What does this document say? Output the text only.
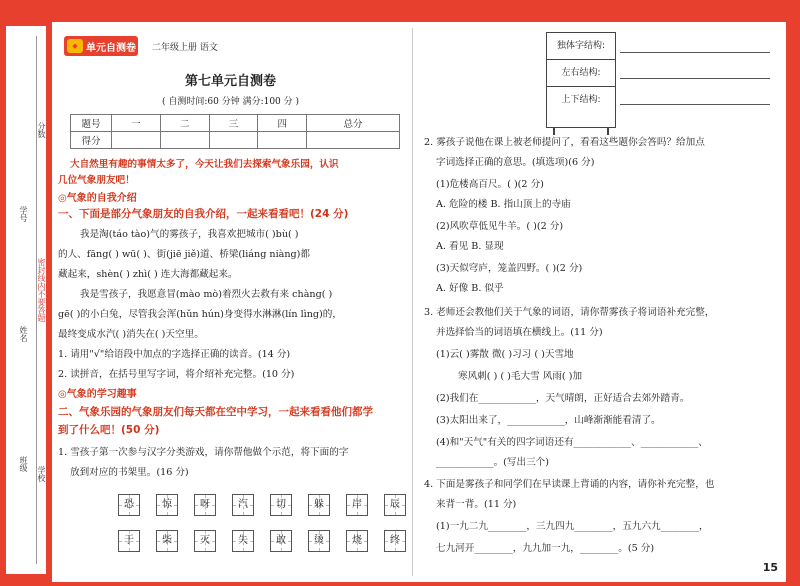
分数
学号
密封线内不要答题
姓名
班级
学校
◆ 单元自测卷 二年级上册 语文
第七单元自测卷
( 自测时间:60 分钟 满分:100 分 )
题号	一	二	三	四	总分
得分					
大自然里有趣的事情太多了，今天让我们去探索气象乐园，认识
几位气象朋友吧！
◎气象的自我介绍
一、下面是部分气象朋友的自我介绍，一起来看看吧！(24 分)
我是淘(táo tào)气的雾孩子，我喜欢把城市( )bù( )
的人、fāng( ) wū( )、街(jiē jiě)道、桥梁(liáng niàng)都
藏起来，shèn( ) zhì( ) 连大海都藏起来。
我是雪孩子，我愿意冒(mào mò)着烈火去救有来 chàng( )
gē( )的小白兔，尽管我会浑(hǔn hún)身变得水淋淋(lín lìng)的，
最终变成水汽( )消失在( )天空里。
1. 请用"√"给语段中加点的字选择正确的读音。(14 分)
2. 读拼音，在括号里写字词，将介绍补充完整。(10 分)
◎气象的学习趣事
二、气象乐园的气象朋友们每天都在空中学习，一起来看看他们都学
到了什么吧！(50 分)
1. 雪孩子第一次参与汉字分类游戏，请你帮他做个示范，将下面的字
放到对应的书架里。(16 分)
恐	惊	呀	汽	切	躲	岸	辰
于	柴	灭	失	敢	烫	烧	终
独体字结构:
左右结构:
上下结构:
2. 雾孩子说他在课上被老师提问了，看看这些题你会答吗？给加点
字词选择正确的意思。(填选项)(6 分)
(1)危楼高百尺。( )(2 分)
A. 危险的楼 B. 指山顶上的寺庙
(2)风吹草低见牛羊。( )(2 分)
A. 看见 B. 显现
(3)天似穹庐，笼盖四野。( )(2 分)
A. 好像 B. 似乎
3. 老师还会教他们关于气象的词语，请你帮雾孩子将词语补充完整，
并选择恰当的词语填在横线上。(11 分)
(1)云( )雾散 微( )习习 ( )天雪地
寒风刺( ) ( )毛大雪 风雨( )加
(2)我们在____________，天气晴朗，正好适合去郊外踏青。
(3)太阳出来了，____________，山峰渐渐能看清了。
(4)和"天气"有关的四字词语还有____________、____________、
____________。(写出三个)
4. 下面是雾孩子和同学们在早读课上背诵的内容，请你补充完整，也
来背一背。(11 分)
(1)一九二九________，三九四九________，五九六九________，
七九河开________，九九加一九，________。(5 分)
15
